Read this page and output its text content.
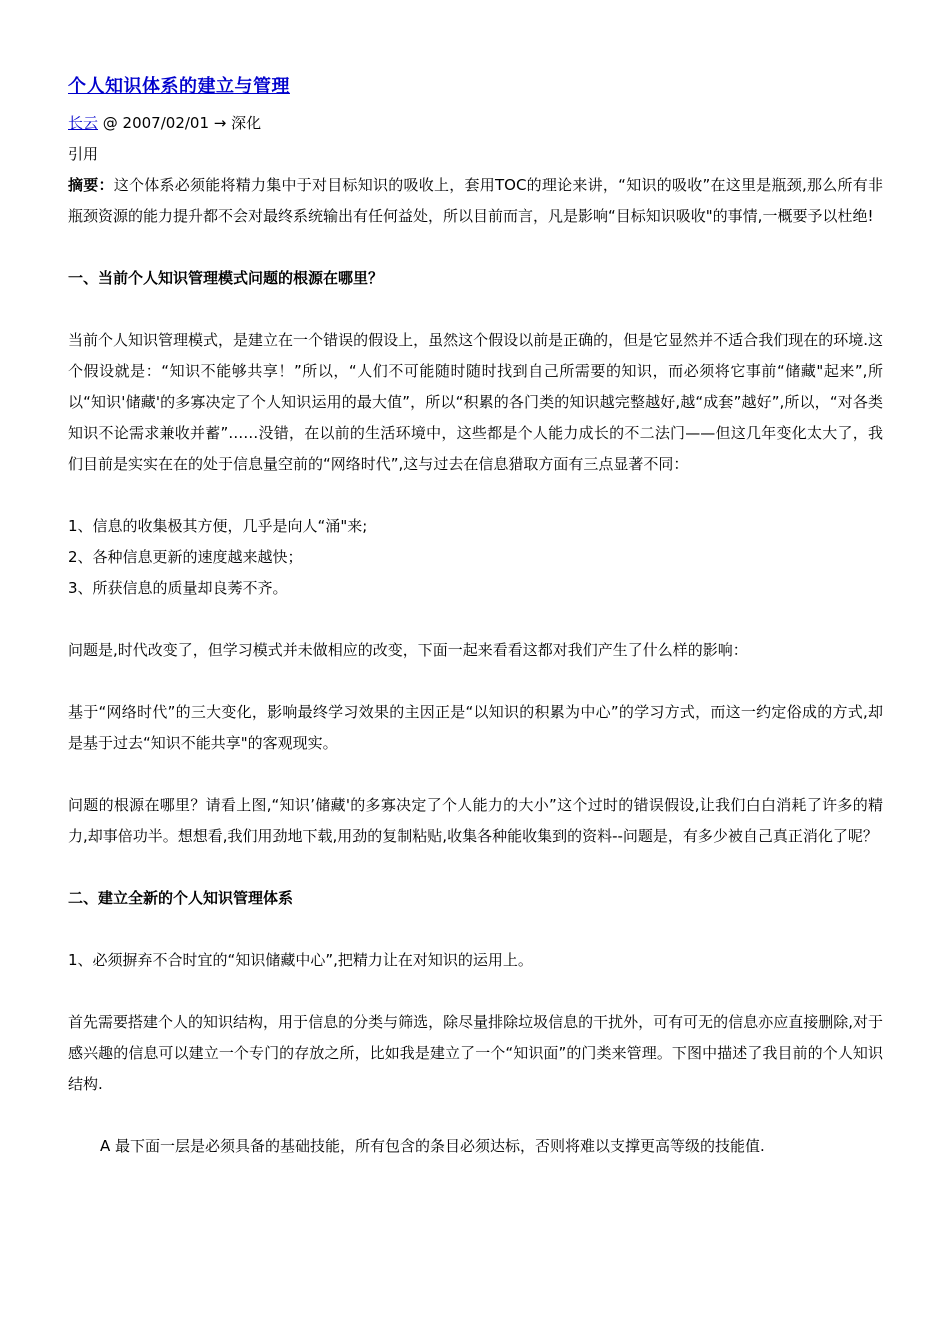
个人知识体系的建立与管理
长云 @ 2007/02/01 → 深化
引用
摘要：这个体系必须能将精力集中于对目标知识的吸收上，套用TOC的理论来讲，“知识的吸收”在这里是瓶颈,那么所有非瓶颈资源的能力提升都不会对最终系统输出有任何益处，所以目前而言，凡是影响“目标知识吸收"的事情,一概要予以杜绝!
一、当前个人知识管理模式问题的根源在哪里？
当前个人知识管理模式，是建立在一个错误的假设上，虽然这个假设以前是正确的，但是它显然并不适合我们现在的环境.这个假设就是：“知识不能够共享！”所以，“人们不可能随时随时找到自己所需要的知识，而必须将它事前“储藏"起来”,所以“知识'储藏'的多寡决定了个人知识运用的最大值”，所以“积累的各门类的知识越完整越好,越“成套”越好”,所以，“对各类知识不论需求兼收并蓄”……没错，在以前的生活环境中，这些都是个人能力成长的不二法门——但这几年变化太大了，我们目前是实实在在的处于信息量空前的“网络时代”,这与过去在信息猎取方面有三点显著不同：
1、信息的收集极其方便，几乎是向人“涌"来;
2、各种信息更新的速度越来越快；
3、所获信息的质量却良莠不齐。
问题是,时代改变了，但学习模式并未做相应的改变，下面一起来看看这都对我们产生了什么样的影响：
基于“网络时代”的三大变化，影响最终学习效果的主因正是“以知识的积累为中心”的学习方式，而这一约定俗成的方式,却是基于过去“知识不能共享"的客观现实。
问题的根源在哪里？请看上图,“知识’储藏'的多寡决定了个人能力的大小”这个过时的错误假设,让我们白白消耗了许多的精力,却事倍功半。想想看,我们用劲地下载,用劲的复制粘贴,收集各种能收集到的资料--问题是，有多少被自己真正消化了呢？
二、建立全新的个人知识管理体系
1、必须摒弃不合时宜的“知识储藏中心”,把精力让在对知识的运用上。
首先需要搭建个人的知识结构，用于信息的分类与筛选，除尽量排除垃圾信息的干扰外，可有可无的信息亦应直接删除,对于感兴趣的信息可以建立一个专门的存放之所，比如我是建立了一个“知识面”的门类来管理。下图中描述了我目前的个人知识结构.
A 最下面一层是必须具备的基础技能，所有包含的条目必须达标，否则将难以支撑更高等级的技能值.
